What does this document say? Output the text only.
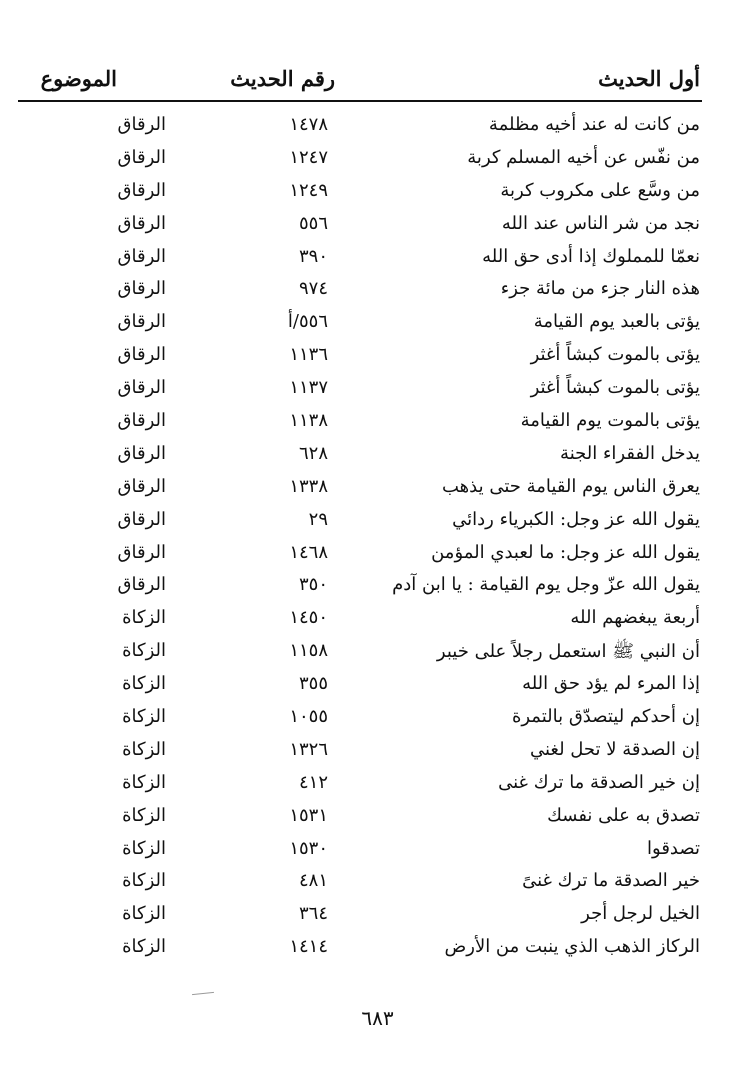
أول الحديث
رقم الحديث
الموضوع
من كانت له عند أخيه مظلمة
١٤٧٨
الرقاق
من نفّس عن أخيه المسلم كربة
١٢٤٧
الرقاق
من وسَّع على مكروب كربة
١٢٤٩
الرقاق
نجد من شر الناس عند الله
٥٥٦
الرقاق
نعمّا للمملوك إذا أدى حق الله
٣٩٠
الرقاق
هذه النار جزء من مائة جزء
٩٧٤
الرقاق
يؤتى بالعبد يوم القيامة
٥٥٦/أ
الرقاق
يؤتى بالموت كبشاً أغثر
١١٣٦
الرقاق
يؤتى بالموت كبشاً أغثر
١١٣٧
الرقاق
يؤتى بالموت يوم القيامة
١١٣٨
الرقاق
يدخل الفقراء الجنة
٦٢٨
الرقاق
يعرق الناس يوم القيامة حتى يذهب
١٣٣٨
الرقاق
يقول الله عز وجل: الكبرياء ردائي
٢٩
الرقاق
يقول الله عز وجل: ما لعبدي المؤمن
١٤٦٨
الرقاق
يقول الله عزّ وجل يوم القيامة : يا ابن آدم
٣٥٠
الرقاق
أربعة يبغضهم الله
١٤٥٠
الزكاة
أن النبي ﷺ استعمل رجلاً على خيبر
١١٥٨
الزكاة
إذا المرء لم يؤد حق الله
٣٥٥
الزكاة
إن أحدكم ليتصدّق بالتمرة
١٠٥٥
الزكاة
إن الصدقة لا تحل لغني
١٣٢٦
الزكاة
إن خير الصدقة ما ترك غنى
٤١٢
الزكاة
تصدق به على نفسك
١٥٣١
الزكاة
تصدقوا
١٥٣٠
الزكاة
خير الصدقة ما ترك غنىً
٤٨١
الزكاة
الخيل لرجل أجر
٣٦٤
الزكاة
الركاز الذهب الذي ينبت من الأرض
١٤١٤
الزكاة
٦٨٣
